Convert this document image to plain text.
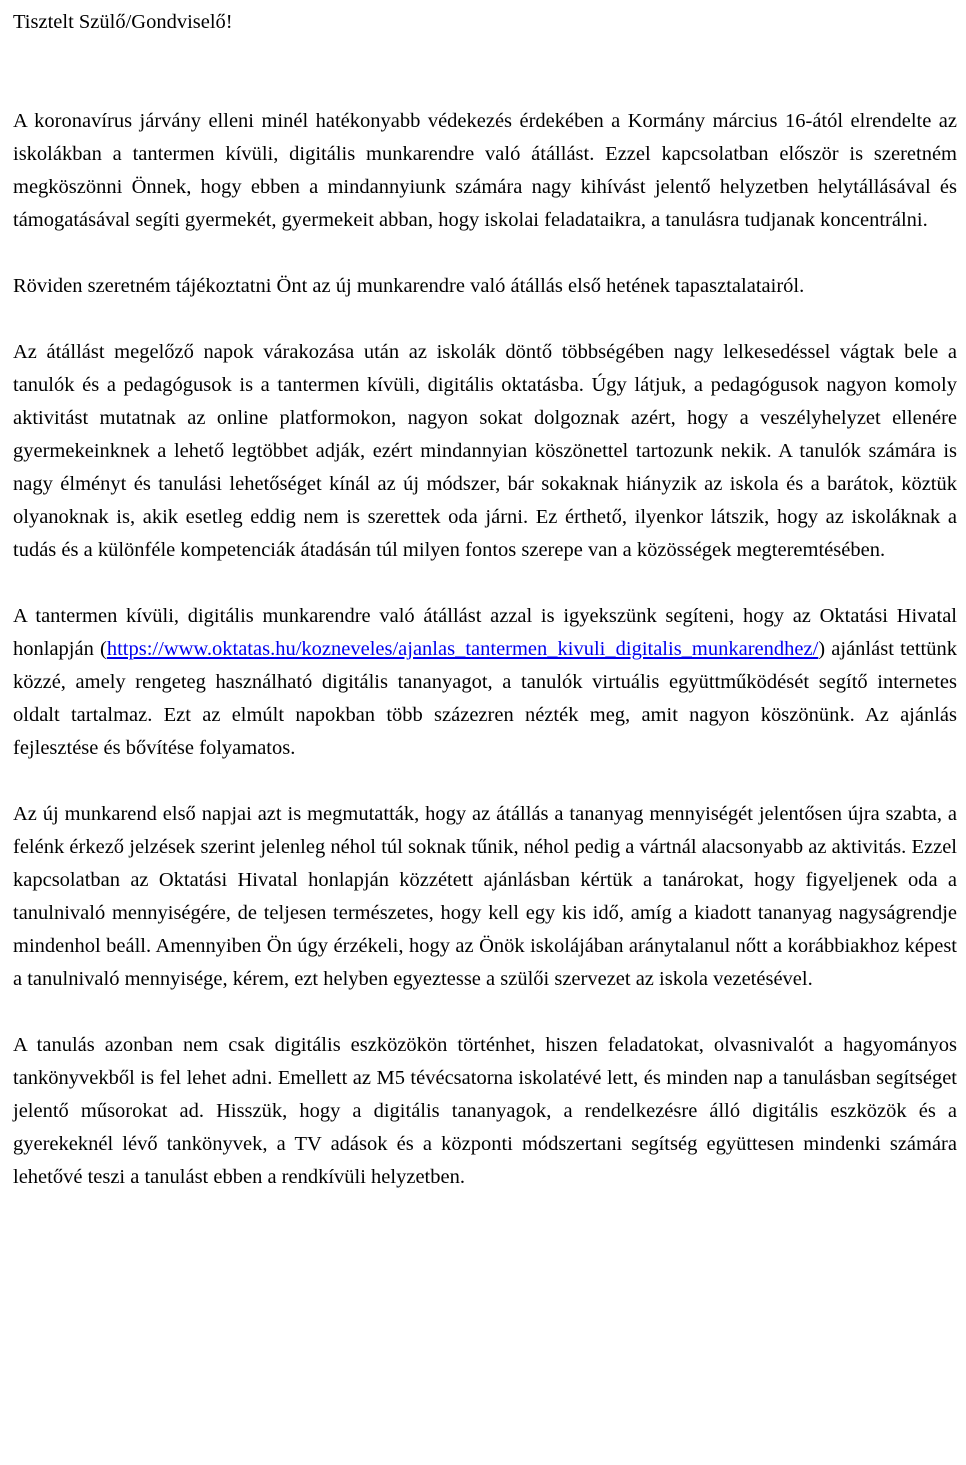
Tisztelt Szülő/Gondviselő!

A koronavírus járvány elleni minél hatékonyabb védekezés érdekében a Kormány március 16-ától elrendelte az iskolákban a tantermen kívüli, digitális munkarendre való átállást. Ezzel kapcsolatban először is szeretném megköszönni Önnek, hogy ebben a mindannyiunk számára nagy kihívást jelentő helyzetben helytállásával és támogatásával segíti gyermekét, gyermekeit abban, hogy iskolai feladataikra, a tanulásra tudjanak koncentrálni.

Röviden szeretném tájékoztatni Önt az új munkarendre való átállás első hetének tapasztalatairól.

Az átállást megelőző napok várakozása után az iskolák döntő többségében nagy lelkesedéssel vágtak bele a tanulók és a pedagógusok is a tantermen kívüli, digitális oktatásba. Úgy látjuk, a pedagógusok nagyon komoly aktivitást mutatnak az online platformokon, nagyon sokat dolgoznak azért, hogy a veszélyhelyzet ellenére gyermekeinknek a lehető legtöbbet adják, ezért mindannyian köszönettel tartozunk nekik. A tanulók számára is nagy élményt és tanulási lehetőséget kínál az új módszer, bár sokaknak hiányzik az iskola és a barátok, köztük olyanoknak is, akik esetleg eddig nem is szerettek oda járni. Ez érthető, ilyenkor látszik, hogy az iskoláknak a tudás és a különféle kompetenciák átadásán túl milyen fontos szerepe van a közösségek megteremtésében.

A tantermen kívüli, digitális munkarendre való átállást azzal is igyekszünk segíteni, hogy az Oktatási Hivatal honlapján (https://www.oktatas.hu/kozneveles/ajanlas_tantermen_kivuli_digitalis_munkarendhez/) ajánlást tettünk közzé, amely rengeteg használható digitális tananyagot, a tanulók virtuális együttműködését segítő internetes oldalt tartalmaz. Ezt az elmúlt napokban több százezren nézték meg, amit nagyon köszönünk. Az ajánlás fejlesztése és bővítése folyamatos.

Az új munkarend első napjai azt is megmutatták, hogy az átállás a tananyag mennyiségét jelentősen újra szabta, a felénk érkező jelzések szerint jelenleg néhol túl soknak tűnik, néhol pedig a vártnál alacsonyabb az aktivitás. Ezzel kapcsolatban az Oktatási Hivatal honlapján közzétett ajánlásban kértük a tanárokat, hogy figyeljenek oda a tanulnivaló mennyiségére, de teljesen természetes, hogy kell egy kis idő, amíg a kiadott tananyag nagyságrendje mindenhol beáll. Amennyiben Ön úgy érzékeli, hogy az Önök iskolájában aránytalanul nőtt a korábbiakhoz képest a tanulnivaló mennyisége, kérem, ezt helyben egyeztesse a szülői szervezet az iskola vezetésével.

A tanulás azonban nem csak digitális eszközökön történhet, hiszen feladatokat, olvasnivalót a hagyományos tankönyvekből is fel lehet adni. Emellett az M5 tévécsatorna iskolatévé lett, és minden nap a tanulásban segítséget jelentő műsorokat ad. Hisszük, hogy a digitális tananyagok, a rendelkezésre álló digitális eszközök és a gyerekeknél lévő tankönyvek, a TV adások és a központi módszertani segítség együttesen mindenki számára lehetővé teszi a tanulást ebben a rendkívüli helyzetben.
